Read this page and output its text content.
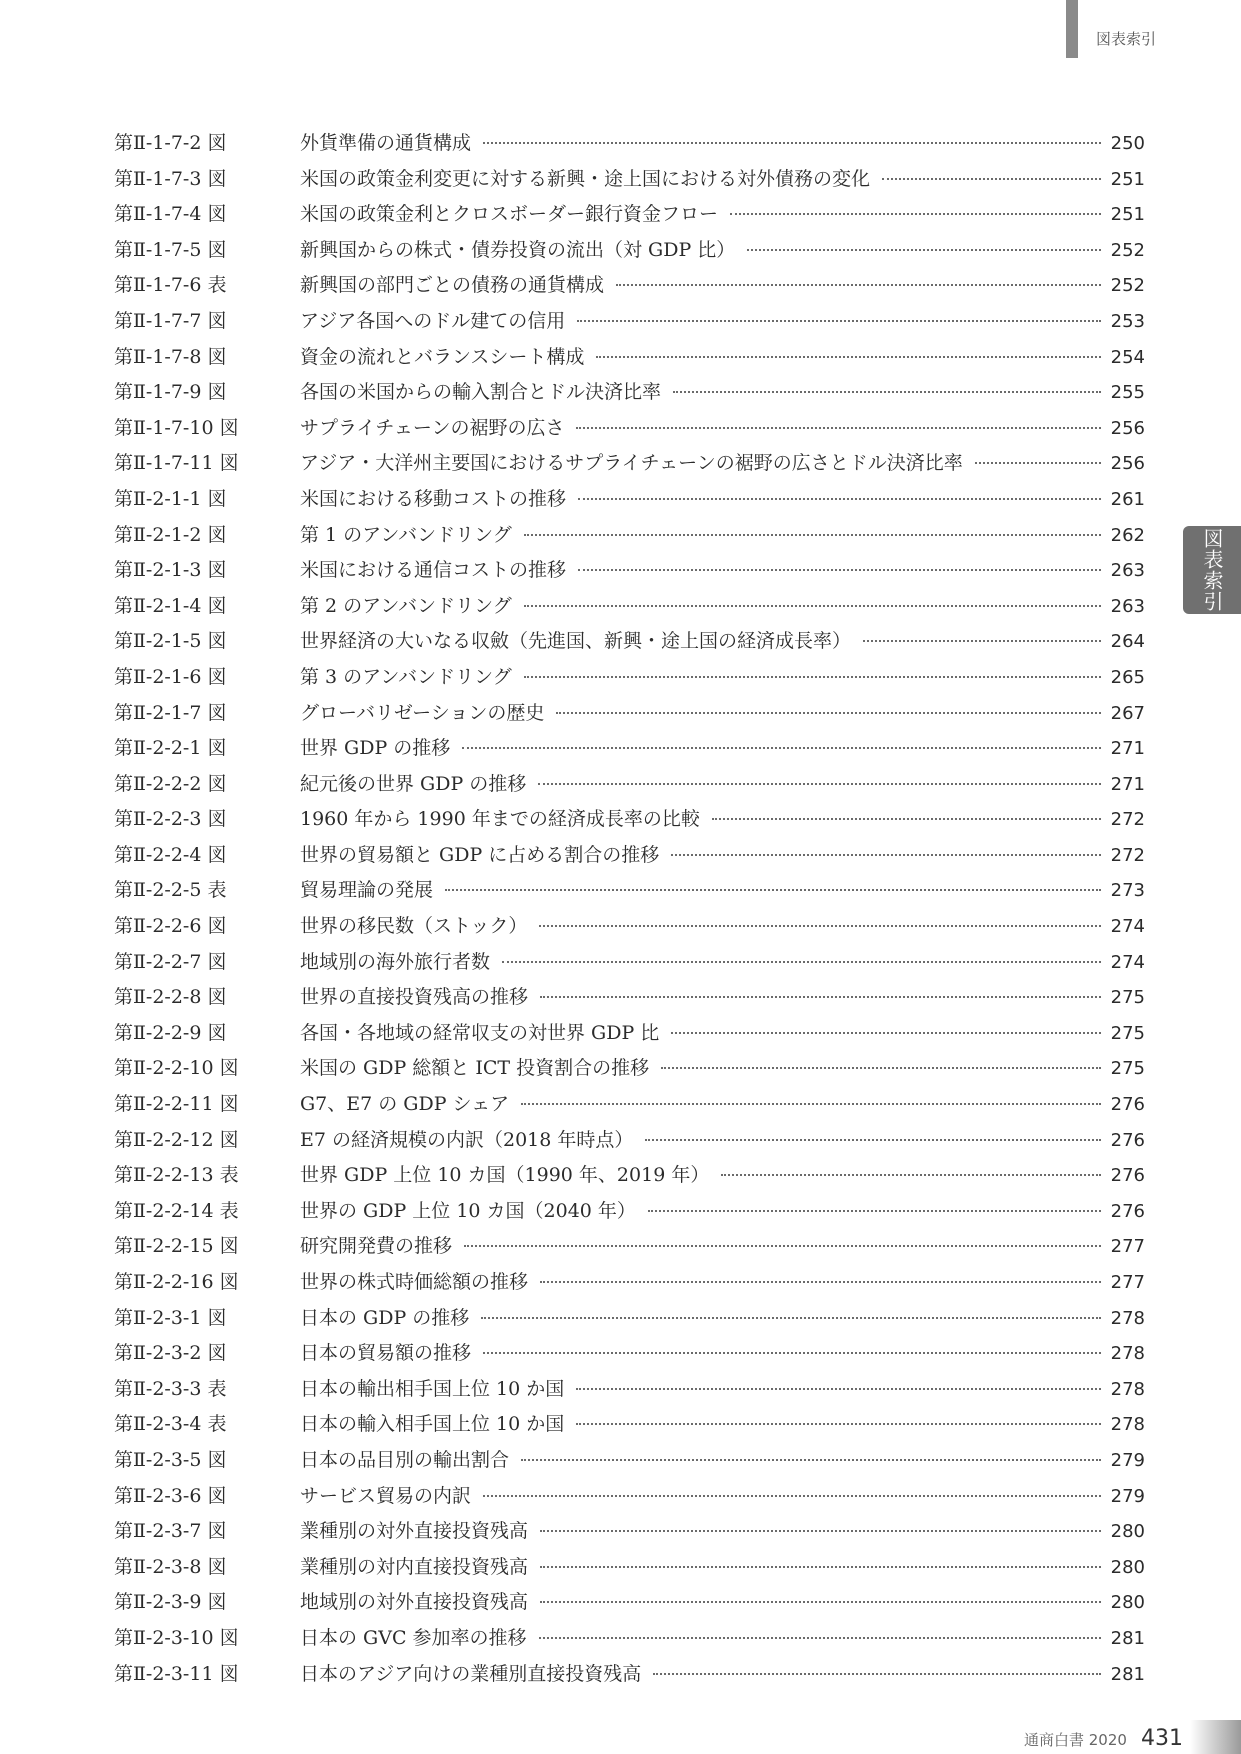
図表索引
図表索引
第Ⅱ-1-7-2 図	外貨準備の通貨構成	250
第Ⅱ-1-7-3 図	米国の政策金利変更に対する新興・途上国における対外債務の変化	251
第Ⅱ-1-7-4 図	米国の政策金利とクロスボーダー銀行資金フロー	251
第Ⅱ-1-7-5 図	新興国からの株式・債券投資の流出（対 GDP 比）	252
第Ⅱ-1-7-6 表	新興国の部門ごとの債務の通貨構成	252
第Ⅱ-1-7-7 図	アジア各国へのドル建ての信用	253
第Ⅱ-1-7-8 図	資金の流れとバランスシート構成	254
第Ⅱ-1-7-9 図	各国の米国からの輸入割合とドル決済比率	255
第Ⅱ-1-7-10 図	サプライチェーンの裾野の広さ	256
第Ⅱ-1-7-11 図	アジア・大洋州主要国におけるサプライチェーンの裾野の広さとドル決済比率	256
第Ⅱ-2-1-1 図	米国における移動コストの推移	261
第Ⅱ-2-1-2 図	第 1 のアンバンドリング	262
第Ⅱ-2-1-3 図	米国における通信コストの推移	263
第Ⅱ-2-1-4 図	第 2 のアンバンドリング	263
第Ⅱ-2-1-5 図	世界経済の大いなる収斂（先進国、新興・途上国の経済成長率）	264
第Ⅱ-2-1-6 図	第 3 のアンバンドリング	265
第Ⅱ-2-1-7 図	グローバリゼーションの歴史	267
第Ⅱ-2-2-1 図	世界 GDP の推移	271
第Ⅱ-2-2-2 図	紀元後の世界 GDP の推移	271
第Ⅱ-2-2-3 図	1960 年から 1990 年までの経済成長率の比較	272
第Ⅱ-2-2-4 図	世界の貿易額と GDP に占める割合の推移	272
第Ⅱ-2-2-5 表	貿易理論の発展	273
第Ⅱ-2-2-6 図	世界の移民数（ストック）	274
第Ⅱ-2-2-7 図	地域別の海外旅行者数	274
第Ⅱ-2-2-8 図	世界の直接投資残高の推移	275
第Ⅱ-2-2-9 図	各国・各地域の経常収支の対世界 GDP 比	275
第Ⅱ-2-2-10 図	米国の GDP 総額と ICT 投資割合の推移	275
第Ⅱ-2-2-11 図	G7、E7 の GDP シェア	276
第Ⅱ-2-2-12 図	E7 の経済規模の内訳（2018 年時点）	276
第Ⅱ-2-2-13 表	世界 GDP 上位 10 カ国（1990 年、2019 年）	276
第Ⅱ-2-2-14 表	世界の GDP 上位 10 カ国（2040 年）	276
第Ⅱ-2-2-15 図	研究開発費の推移	277
第Ⅱ-2-2-16 図	世界の株式時価総額の推移	277
第Ⅱ-2-3-1 図	日本の GDP の推移	278
第Ⅱ-2-3-2 図	日本の貿易額の推移	278
第Ⅱ-2-3-3 表	日本の輸出相手国上位 10 か国	278
第Ⅱ-2-3-4 表	日本の輸入相手国上位 10 か国	278
第Ⅱ-2-3-5 図	日本の品目別の輸出割合	279
第Ⅱ-2-3-6 図	サービス貿易の内訳	279
第Ⅱ-2-3-7 図	業種別の対外直接投資残高	280
第Ⅱ-2-3-8 図	業種別の対内直接投資残高	280
第Ⅱ-2-3-9 図	地域別の対外直接投資残高	280
第Ⅱ-2-3-10 図	日本の GVC 参加率の推移	281
第Ⅱ-2-3-11 図	日本のアジア向けの業種別直接投資残高	281
通商白書 2020 431
